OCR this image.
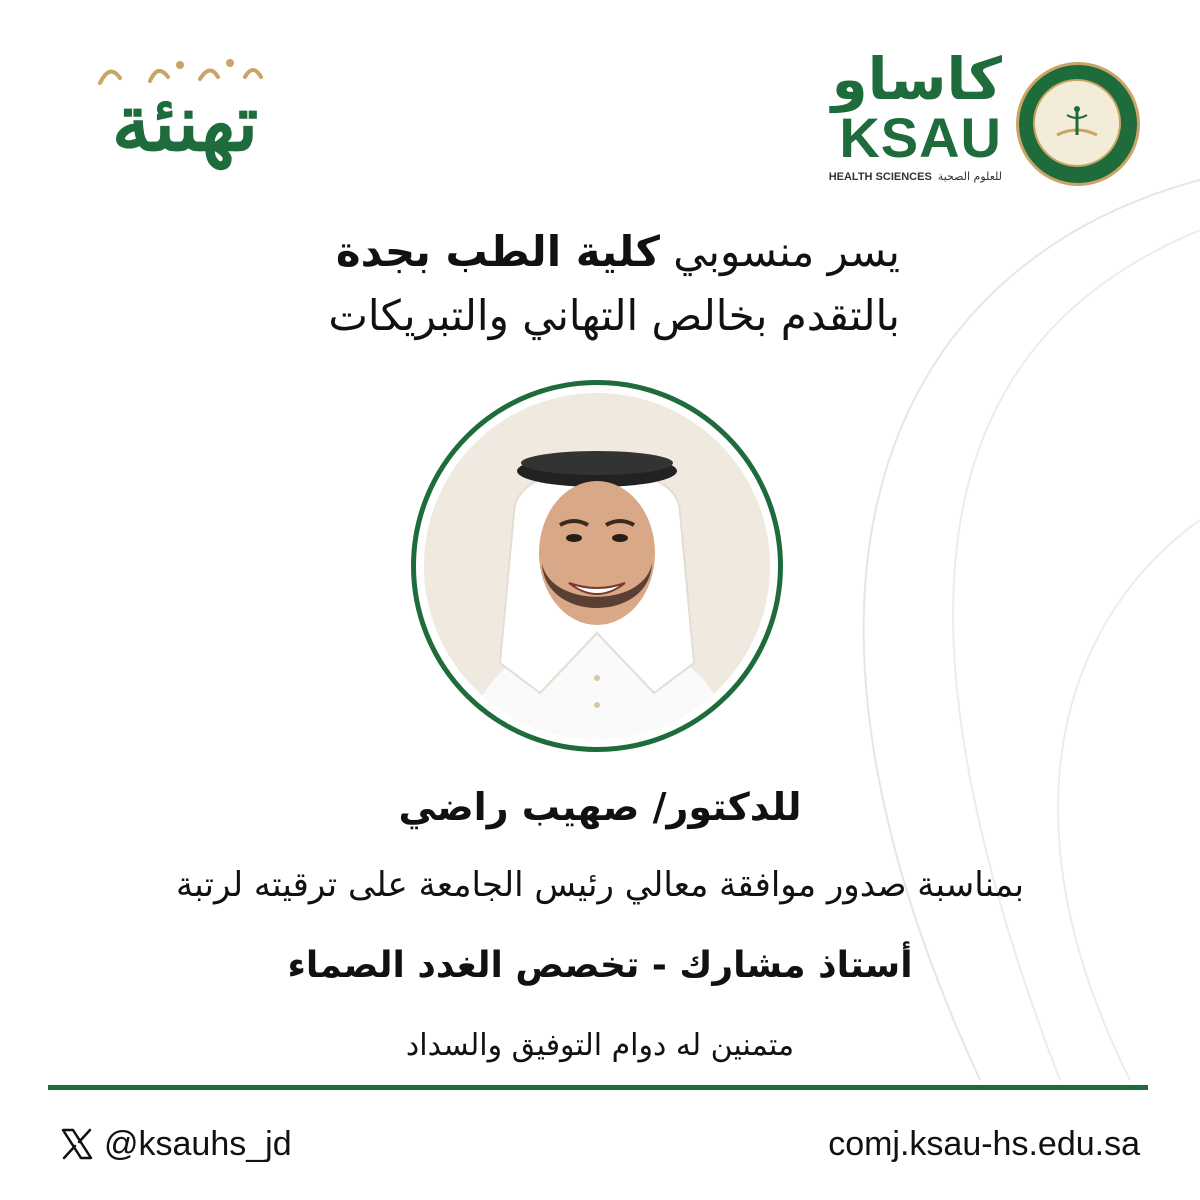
تهنئة	كاساو
KSAU
HEALTH SCIENCES للعلوم الصحية
يسر منسوبي كلية الطب بجدة
بالتقدم بخالص التهاني والتبريكات
للدكتور/ صهيب راضي
بمناسبة صدور موافقة معالي رئيس الجامعة على ترقيته لرتبة
أستاذ مشارك - تخصص الغدد الصماء
متمنين له دوام التوفيق والسداد
@ksauhs_jd	comj.ksau-hs.edu.sa
